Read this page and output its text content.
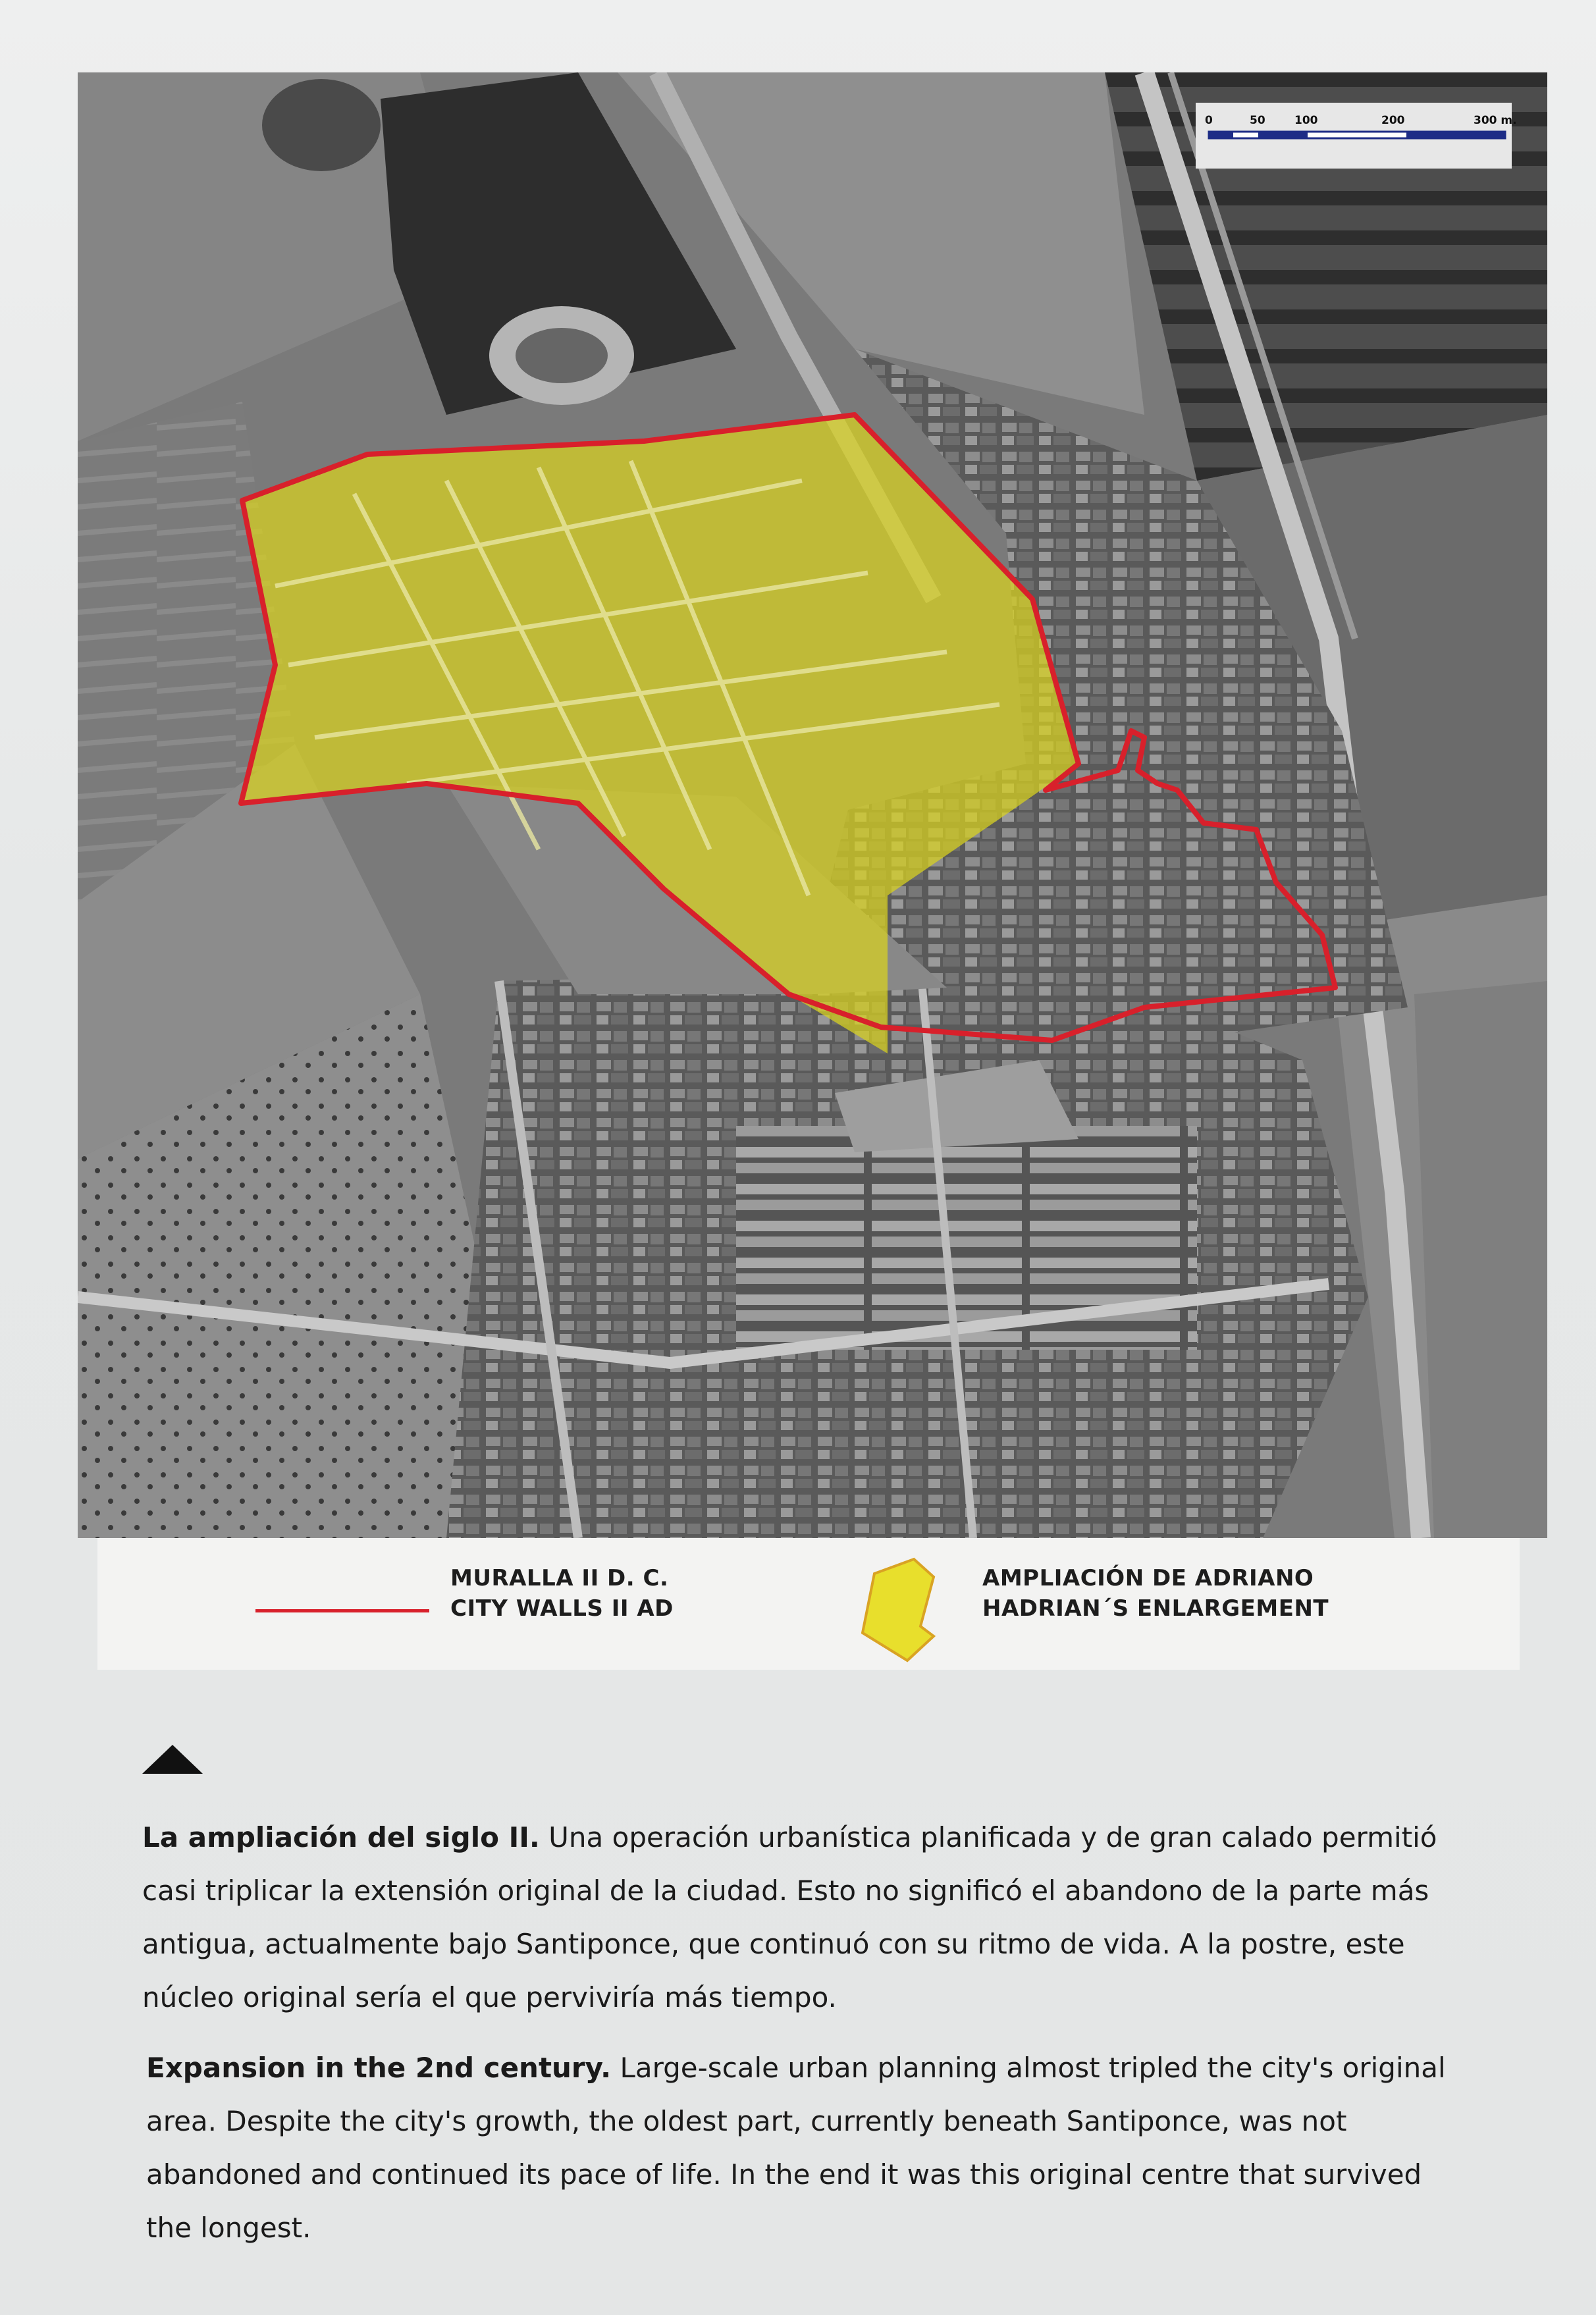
0	50	100	200	300 m.
MURALLA II D. C.
CITY WALLS II AD
AMPLIACIÓN DE ADRIANO
HADRIAN´S ENLARGEMENT
La ampliación del siglo II. Una operación urbanística planificada y de gran calado permitió casi triplicar la extensión original de la ciudad. Esto no significó el abandono de la parte más antigua, actualmente bajo Santiponce, que continuó con su ritmo de vida. A la postre, este núcleo original sería el que perviviría más tiempo.
Expansion in the 2nd century. Large-scale urban planning almost tripled the city's original area. Despite the city's growth, the oldest part, currently beneath Santiponce, was not abandoned and continued its pace of life. In the end it was this original centre that survived the longest.
